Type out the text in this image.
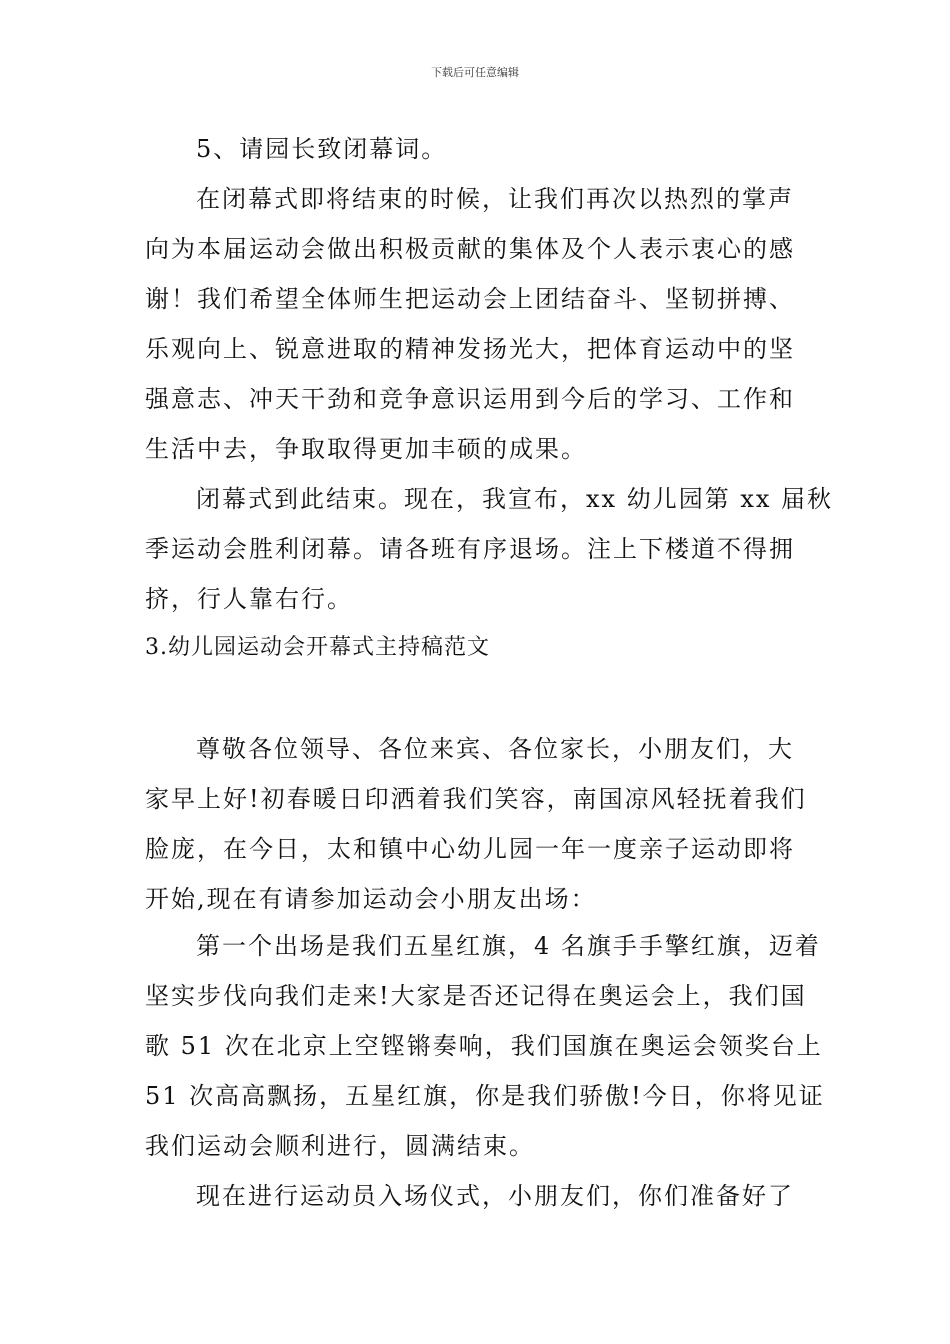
下载后可任意编辑
5、请园长致闭幕词。
在闭幕式即将结束的时候，让我们再次以热烈的掌声
向为本届运动会做出积极贡献的集体及个人表示衷心的感
谢！我们希望全体师生把运动会上团结奋斗、坚韧拼搏、
乐观向上、锐意进取的精神发扬光大，把体育运动中的坚
强意志、冲天干劲和竞争意识运用到今后的学习、工作和
生活中去，争取取得更加丰硕的成果。
闭幕式到此结束。现在，我宣布，xx 幼儿园第 xx 届秋
季运动会胜利闭幕。请各班有序退场。注上下楼道不得拥
挤，行人靠右行。
3.幼儿园运动会开幕式主持稿范文
尊敬各位领导、各位来宾、各位家长，小朋友们，大
家早上好!初春暖日印洒着我们笑容，南国凉风轻抚着我们
脸庞，在今日，太和镇中心幼儿园一年一度亲子运动即将
开始,现在有请参加运动会小朋友出场：
第一个出场是我们五星红旗，4 名旗手手擎红旗，迈着
坚实步伐向我们走来!大家是否还记得在奥运会上，我们国
歌 51 次在北京上空铿锵奏响，我们国旗在奥运会领奖台上
51 次高高飘扬，五星红旗，你是我们骄傲!今日，你将见证
我们运动会顺利进行，圆满结束。
现在进行运动员入场仪式，小朋友们，你们准备好了
